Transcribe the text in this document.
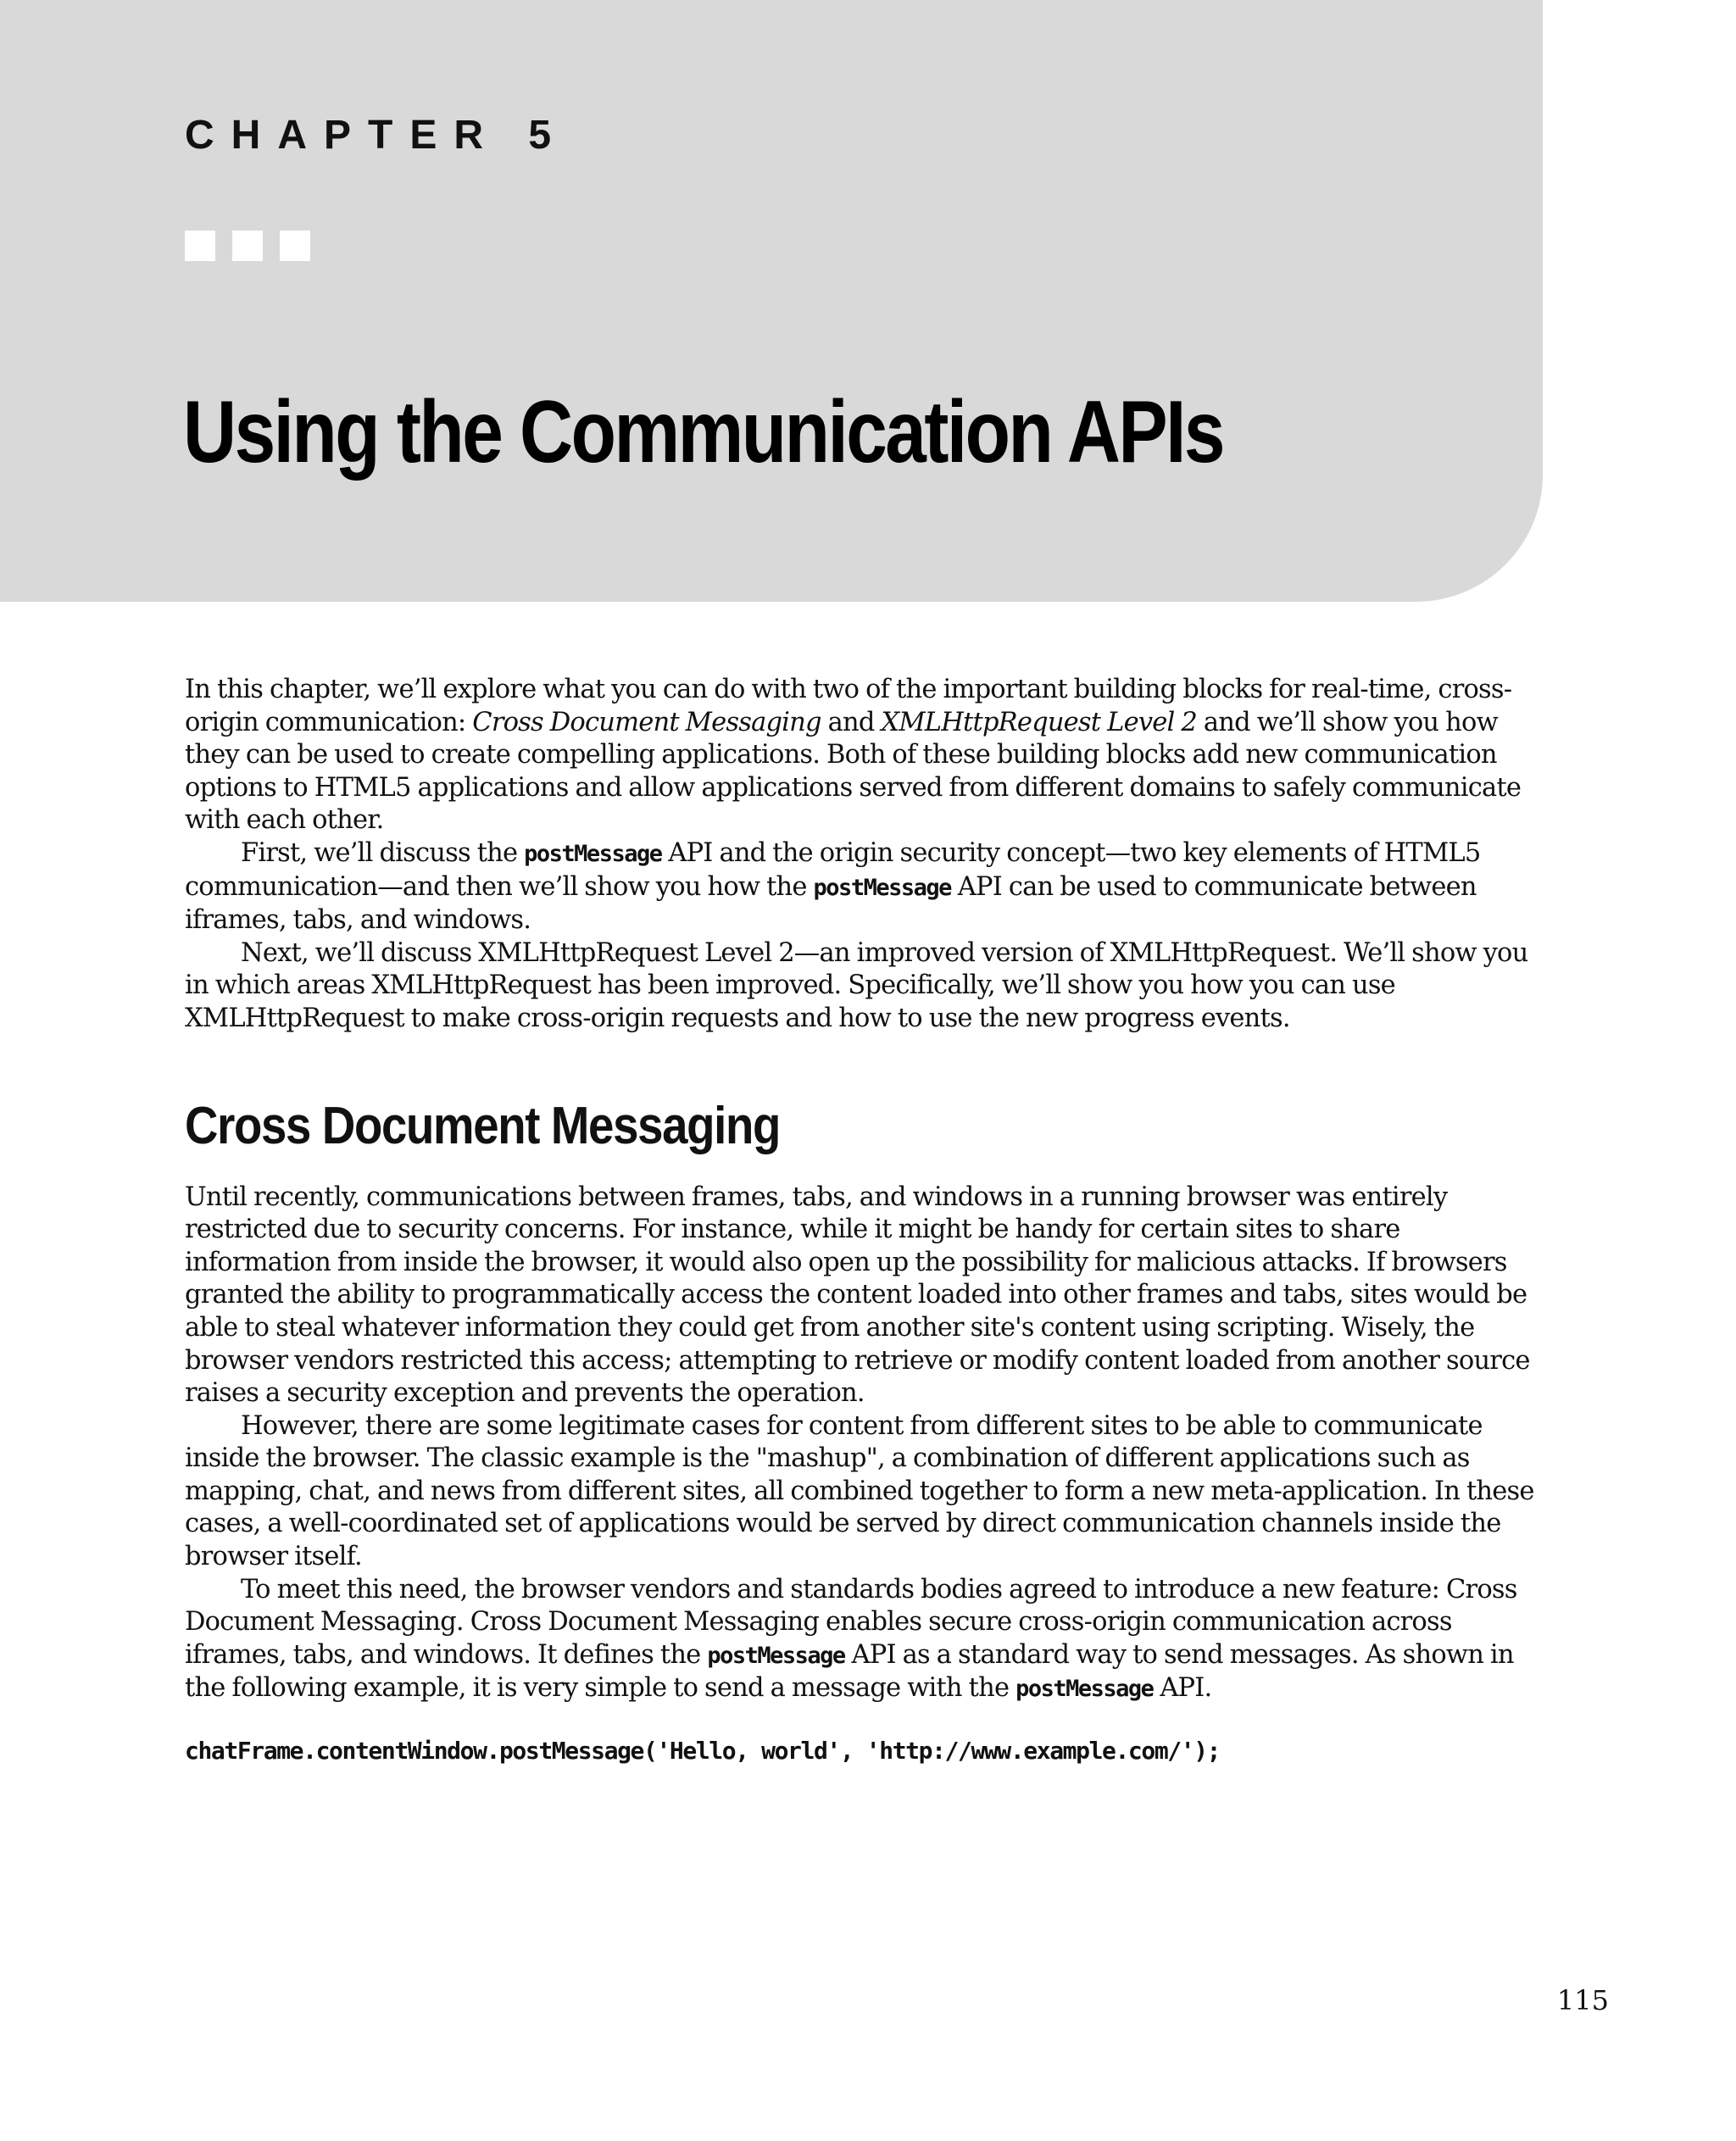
CHAPTER 5
Using the Communication APIs

In this chapter, we’ll explore what you can do with two of the important building blocks for real-time, cross-origin communication: Cross Document Messaging and XMLHttpRequest Level 2 and we’ll show you how they can be used to create compelling applications. Both of these building blocks add new communication options to HTML5 applications and allow applications served from different domains to safely communicate with each other.

First, we’ll discuss the postMessage API and the origin security concept—two key elements of HTML5 communication—and then we’ll show you how the postMessage API can be used to communicate between iframes, tabs, and windows.

Next, we’ll discuss XMLHttpRequest Level 2—an improved version of XMLHttpRequest. We’ll show you in which areas XMLHttpRequest has been improved. Specifically, we’ll show you how you can use XMLHttpRequest to make cross-origin requests and how to use the new progress events.

Cross Document Messaging

Until recently, communications between frames, tabs, and windows in a running browser was entirely restricted due to security concerns. For instance, while it might be handy for certain sites to share information from inside the browser, it would also open up the possibility for malicious attacks. If browsers granted the ability to programmatically access the content loaded into other frames and tabs, sites would be able to steal whatever information they could get from another site's content using scripting. Wisely, the browser vendors restricted this access; attempting to retrieve or modify content loaded from another source raises a security exception and prevents the operation.

However, there are some legitimate cases for content from different sites to be able to communicate inside the browser. The classic example is the "mashup", a combination of different applications such as mapping, chat, and news from different sites, all combined together to form a new meta-application. In these cases, a well-coordinated set of applications would be served by direct communication channels inside the browser itself.

To meet this need, the browser vendors and standards bodies agreed to introduce a new feature: Cross Document Messaging. Cross Document Messaging enables secure cross-origin communication across iframes, tabs, and windows. It defines the postMessage API as a standard way to send messages. As shown in the following example, it is very simple to send a message with the postMessage API.

chatFrame.contentWindow.postMessage('Hello, world', 'http://www.example.com/');

115
